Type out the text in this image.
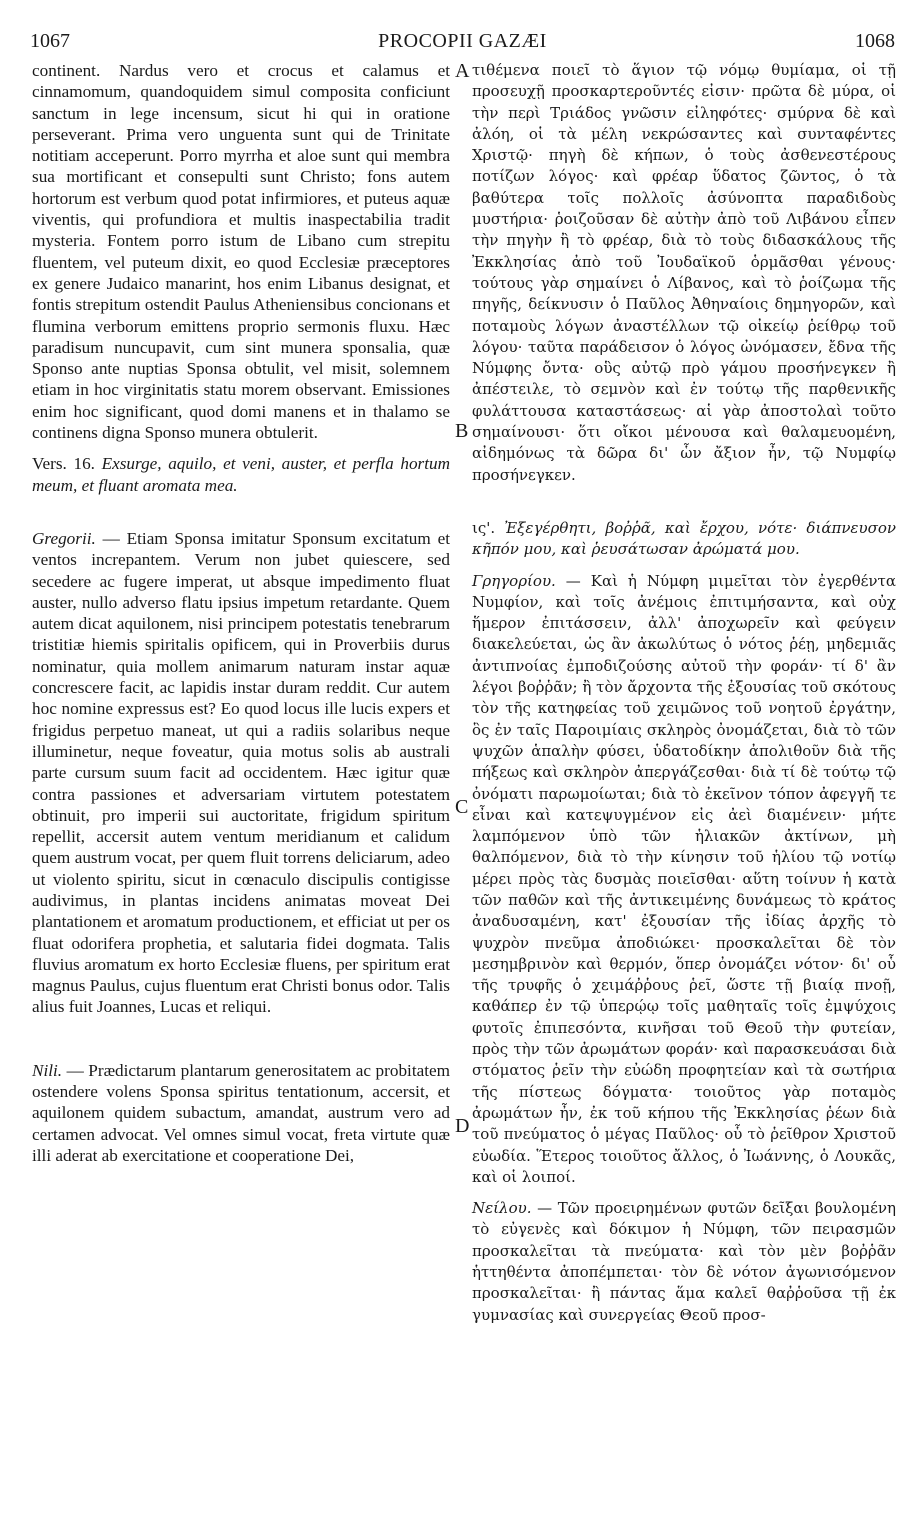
1067	PROCOPII GAZÆI	1068
A
B
C
D

continent. Nardus vero et crocus et calamus et cinnamomum, quandoquidem simul composita conficiunt sanctum in lege incensum, sicut hi qui in oratione perseverant. Prima vero unguenta sunt qui de Trinitate notitiam acceperunt. Porro myrrha et aloe sunt qui membra sua mortificant et consepulti sunt Christo; fons autem hortorum est verbum quod potat infirmiores, et puteus aquæ viventis, qui profundiora et multis inaspectabilia tradit mysteria. Fontem porro istum de Libano cum strepitu fluentem, vel puteum dixit, eo quod Ecclesiæ præceptores ex genere Judaico manarint, hos enim Libanus designat, et fontis strepitum ostendit Paulus Atheniensibus concionans et flumina verborum emittens proprio sermonis fluxu. Hæc paradisum nuncupavit, cum sint munera sponsalia, quæ Sponso ante nuptias Sponsa obtulit, vel misit, solemnem etiam in hoc virginitatis statu morem observant. Emissiones enim hoc significant, quod domi manens et in thalamo se continens digna Sponso munera obtulerit.

Vers. 16. Exsurge, aquilo, et veni, auster, et perfla hortum meum, et fluant aromata mea.

Gregorii. — Etiam Sponsa imitatur Sponsum excitatum et ventos increpantem. Verum non jubet quiescere, sed secedere ac fugere imperat, ut absque impedimento fluat auster, nullo adverso flatu ipsius impetum retardante. Quem autem dicat aquilonem, nisi principem potestatis tenebrarum tristitiæ hiemis spiritalis opificem, qui in Proverbiis durus nominatur, quia mollem animarum naturam instar aquæ concrescere facit, ac lapidis instar duram reddit. Cur autem hoc nomine expressus est? Eo quod locus ille lucis expers et frigidus perpetuo maneat, ut qui a radiis solaribus neque illuminetur, neque foveatur, quia motus solis ab australi parte cursum suum facit ad occidentem. Hæc igitur quæ contra passiones et adversariam virtutem potestatem obtinuit, pro imperii sui auctoritate, frigidum spiritum repellit, accersit autem ventum meridianum et calidum quem austrum vocat, per quem fluit torrens deliciarum, adeo ut violento spiritu, sicut in cœnaculo discipulis contigisse audivimus, in plantas incidens animatas moveat Dei plantationem et aromatum productionem, et efficiat ut per os fluat odorifera prophetia, et salutaria fidei dogmata. Talis fluvius aromatum ex horto Ecclesiæ fluens, per spiritum erat magnus Paulus, cujus fluentum erat Christi bonus odor. Talis alius fuit Joannes, Lucas et reliqui.

Nili. — Prædictarum plantarum generositatem ac probitatem ostendere volens Sponsa spiritus tentationum, accersit, et aquilonem quidem subactum, amandat, austrum vero ad certamen advocat. Vel omnes simul vocat, freta virtute quæ illi aderat ab exercitatione et cooperatione Dei,

τιθέμενα ποιεῖ τὸ ἅγιον τῷ νόμῳ θυμίαμα, οἱ τῇ προσευχῇ προσκαρτεροῦντές εἰσιν· πρῶτα δὲ μύρα, οἱ τὴν περὶ Τριάδος γνῶσιν εἰληφότες· σμύρνα δὲ καὶ ἀλόη, οἱ τὰ μέλη νεκρώσαντες καὶ συνταφέντες Χριστῷ· πηγὴ δὲ κήπων, ὁ τοὺς ἀσθενεστέρους ποτίζων λόγος· καὶ φρέαρ ὕδατος ζῶντος, ὁ τὰ βαθύτερα τοῖς πολλοῖς ἀσύνοπτα παραδιδοὺς μυστήρια· ῥοιζοῦσαν δὲ αὐτὴν ἀπὸ τοῦ Λιβάνου εἶπεν τὴν πηγὴν ἢ τὸ φρέαρ, διὰ τὸ τοὺς διδασκάλους τῆς Ἐκκλησίας ἀπὸ τοῦ Ἰουδαϊκοῦ ὁρμᾶσθαι γένους· τούτους γὰρ σημαίνει ὁ Λίβανος, καὶ τὸ ῥοίζωμα τῆς πηγῆς, δείκνυσιν ὁ Παῦλος Ἀθηναίοις δημηγορῶν, καὶ ποταμοὺς λόγων ἀναστέλλων τῷ οἰκείῳ ῥείθρῳ τοῦ λόγου· ταῦτα παράδεισον ὁ λόγος ὠνόμασεν, ἔδνα τῆς Νύμφης ὄντα· οὓς αὐτῷ πρὸ γάμου προσήνεγκεν ἢ ἀπέστειλε, τὸ σεμνὸν καὶ ἐν τούτῳ τῆς παρθενικῆς φυλάττουσα καταστάσεως· αἱ γὰρ ἀποστολαὶ τοῦτο σημαίνουσι· ὅτι οἴκοι μένουσα καὶ θαλαμευομένη, αἰδημόνως τὰ δῶρα δι' ὧν ἄξιον ἦν, τῷ Νυμφίῳ προσήνεγκεν.

ις'. Ἐξεγέρθητι, βοῤῥᾶ, καὶ ἔρχου, νότε· διάπνευσον κῆπόν μου, καὶ ῥευσάτωσαν ἀρώματά μου.

Γρηγορίου. — Καὶ ἡ Νύμφη μιμεῖται τὸν ἐγερθέντα Νυμφίον, καὶ τοῖς ἀνέμοις ἐπιτιμήσαντα, καὶ οὐχ ἥμερον ἐπιτάσσειν, ἀλλ' ἀποχωρεῖν καὶ φεύγειν διακελεύεται, ὡς ἂν ἀκωλύτως ὁ νότος ῥέῃ, μηδεμιᾶς ἀντιπνοίας ἐμποδιζούσης αὐτοῦ τὴν φοράν· τί δ' ἂν λέγοι βοῤῥᾶν; ἢ τὸν ἄρχοντα τῆς ἐξουσίας τοῦ σκότους τὸν τῆς κατηφείας τοῦ χειμῶνος τοῦ νοητοῦ ἐργάτην, ὃς ἐν ταῖς Παροιμίαις σκληρὸς ὀνομάζεται, διὰ τὸ τῶν ψυχῶν ἁπαλὴν φύσει, ὑδατοδίκην ἀπολιθοῦν διὰ τῆς πήξεως καὶ σκληρὸν ἀπεργάζεσθαι· διὰ τί δὲ τούτῳ τῷ ὀνόματι παρωμοίωται; διὰ τὸ ἐκεῖνον τόπον ἀφεγγῆ τε εἶναι καὶ κατεψυγμένον εἰς ἀεὶ διαμένειν· μήτε λαμπόμενον ὑπὸ τῶν ἡλιακῶν ἀκτίνων, μὴ θαλπόμενον, διὰ τὸ τὴν κίνησιν τοῦ ἡλίου τῷ νοτίῳ μέρει πρὸς τὰς δυσμὰς ποιεῖσθαι· αὕτη τοίνυν ἡ κατὰ τῶν παθῶν καὶ τῆς ἀντικειμένης δυνάμεως τὸ κράτος ἀναδυσαμένη, κατ' ἐξουσίαν τῆς ἰδίας ἀρχῆς τὸ ψυχρὸν πνεῦμα ἀποδιώκει· προσκαλεῖται δὲ τὸν μεσημβρινὸν καὶ θερμόν, ὅπερ ὀνομάζει νότον· δι' οὗ τῆς τρυφῆς ὁ χειμάῤῥους ῥεῖ, ὥστε τῇ βιαίᾳ πνοῇ, καθάπερ ἐν τῷ ὑπερῴῳ τοῖς μαθηταῖς τοῖς ἐμψύχοις φυτοῖς ἐπιπεσόντα, κινῆσαι τοῦ Θεοῦ τὴν φυτείαν, πρὸς τὴν τῶν ἀρωμάτων φοράν· καὶ παρασκευάσαι διὰ στόματος ῥεῖν τὴν εὐώδη προφητείαν καὶ τὰ σωτήρια τῆς πίστεως δόγματα· τοιοῦτος γὰρ ποταμὸς ἀρωμάτων ἦν, ἐκ τοῦ κήπου τῆς Ἐκκλησίας ῥέων διὰ τοῦ πνεύματος ὁ μέγας Παῦλος· οὗ τὸ ῥεῖθρον Χριστοῦ εὐωδία. Ἕτερος τοιοῦτος ἄλλος, ὁ Ἰωάννης, ὁ Λουκᾶς, καὶ οἱ λοιποί.

Νείλου. — Τῶν προειρημένων φυτῶν δεῖξαι βουλομένη τὸ εὐγενὲς καὶ δόκιμον ἡ Νύμφη, τῶν πειρασμῶν προσκαλεῖται τὰ πνεύματα· καὶ τὸν μὲν βοῤῥᾶν ἡττηθέντα ἀποπέμπεται· τὸν δὲ νότον ἀγωνισόμενον προσκαλεῖται· ἢ πάντας ἅμα καλεῖ θαῤῥοῦσα τῇ ἐκ γυμνασίας καὶ συνεργείας Θεοῦ προσ-
